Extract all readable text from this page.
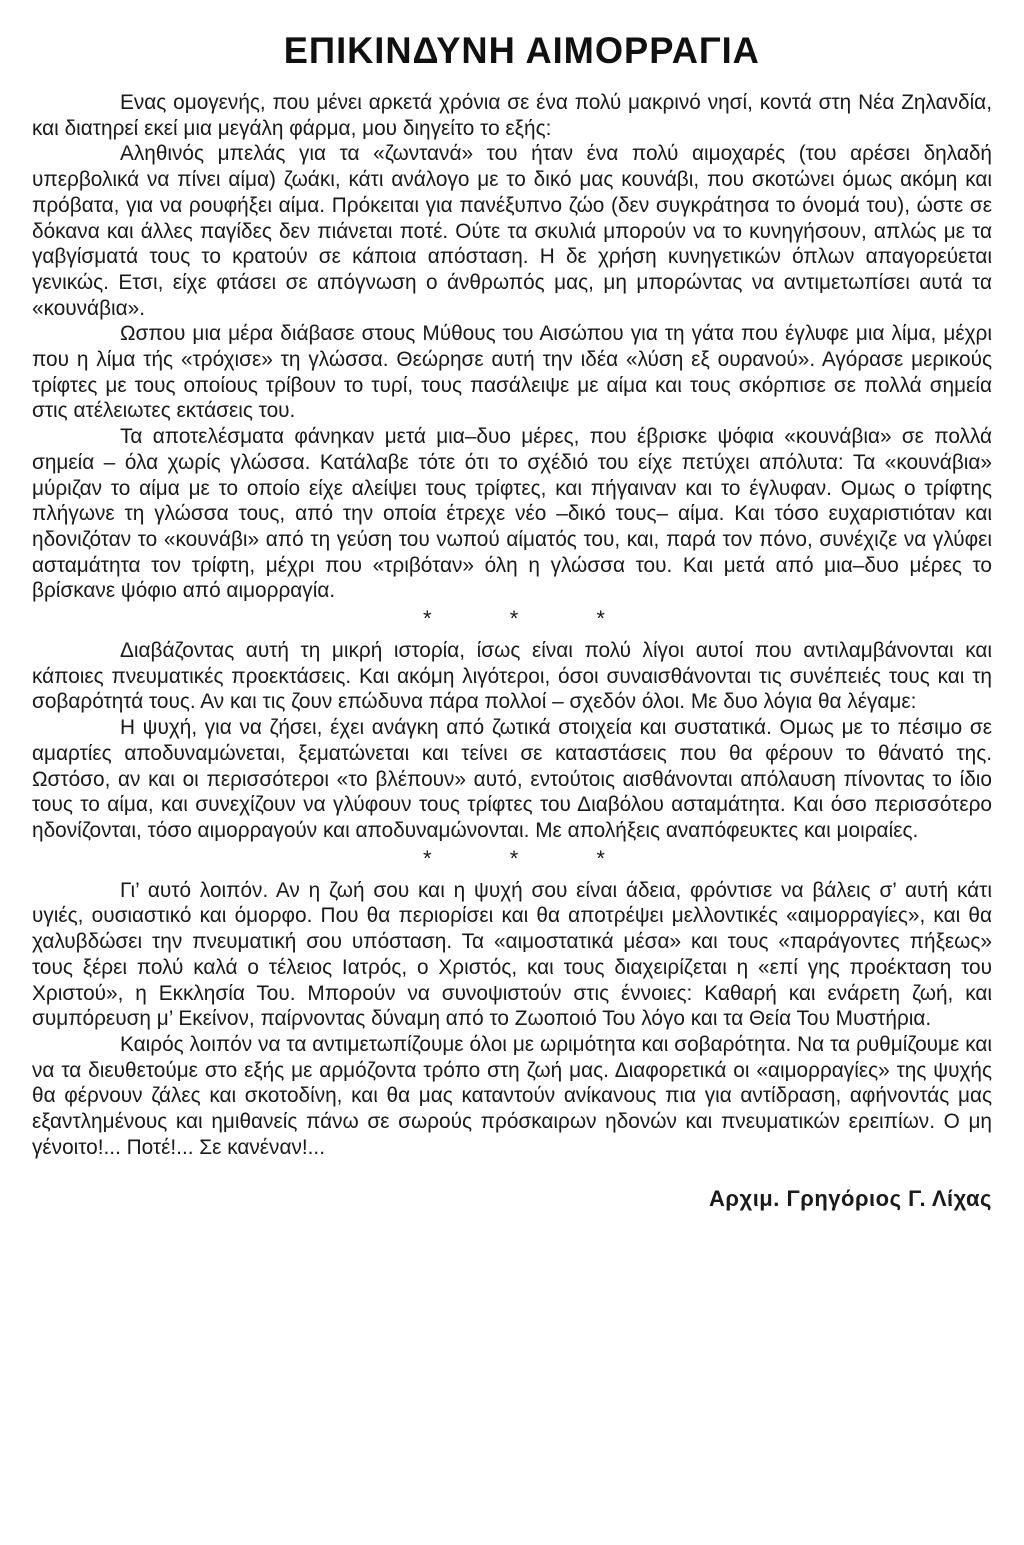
ΕΠΙΚΙΝΔΥΝΗ ΑΙΜΟΡΡΑΓΙΑ

Ενας ομογενής, που μένει αρκετά χρόνια σε ένα πολύ μακρινό νησί, κοντά στη Νέα Ζηλανδία, και διατηρεί εκεί μια μεγάλη φάρμα, μου διηγείτο το εξής:

Αληθινός μπελάς για τα «ζωντανά» του ήταν ένα πολύ αιμοχαρές (του αρέσει δηλαδή υπερβολικά να πίνει αίμα) ζωάκι, κάτι ανάλογο με το δικό μας κουνάβι, που σκοτώνει όμως ακόμη και πρόβατα, για να ρουφήξει αίμα. Πρόκειται για πανέξυπνο ζώο (δεν συγκράτησα το όνομά του), ώστε σε δόκανα και άλλες παγίδες δεν πιάνεται ποτέ. Ούτε τα σκυλιά μπορούν να το κυνηγήσουν, απλώς με τα γαβγίσματά τους το κρατούν σε κάποια απόσταση. Η δε χρήση κυνηγετικών όπλων απαγορεύεται γενικώς. Ετσι, είχε φτάσει σε απόγνωση ο άνθρωπός μας, μη μπορώντας να αντιμετωπίσει αυτά τα «κουνάβια».

Ωσπου μια μέρα διάβασε στους Μύθους του Αισώπου για τη γάτα που έγλυφε μια λίμα, μέχρι που η λίμα τής «τρόχισε» τη γλώσσα. Θεώρησε αυτή την ιδέα «λύση εξ ουρανού». Αγόρασε μερικούς τρίφτες με τους οποίους τρίβουν το τυρί, τους πασάλειψε με αίμα και τους σκόρπισε σε πολλά σημεία στις ατέλειωτες εκτάσεις του.

Τα αποτελέσματα φάνηκαν μετά μια–δυο μέρες, που έβρισκε ψόφια «κουνάβια» σε πολλά σημεία – όλα χωρίς γλώσσα. Κατάλαβε τότε ότι το σχέδιό του είχε πετύχει απόλυτα: Τα «κουνάβια» μύριζαν το αίμα με το οποίο είχε αλείψει τους τρίφτες, και πήγαιναν και το έγλυφαν. Ομως ο τρίφτης πλήγωνε τη γλώσσα τους, από την οποία έτρεχε νέο –δικό τους– αίμα. Και τόσο ευχαριστιόταν και ηδονιζόταν το «κουνάβι» από τη γεύση του νωπού αίματός του, και, παρά τον πόνο, συνέχιζε να γλύφει ασταμάτητα τον τρίφτη, μέχρι που «τριβόταν» όλη η γλώσσα του. Και μετά από μια–δυο μέρες το βρίσκανε ψόφιο από αιμορραγία.

* * *

Διαβάζοντας αυτή τη μικρή ιστορία, ίσως είναι πολύ λίγοι αυτοί που αντιλαμβάνονται και κάποιες πνευματικές προεκτάσεις. Και ακόμη λιγότεροι, όσοι συναισθάνονται τις συνέπειές τους και τη σοβαρότητά τους. Αν και τις ζουν επώδυνα πάρα πολλοί – σχεδόν όλοι. Με δυο λόγια θα λέγαμε:

Η ψυχή, για να ζήσει, έχει ανάγκη από ζωτικά στοιχεία και συστατικά. Ομως με το πέσιμο σε αμαρτίες αποδυναμώνεται, ξεματώνεται και τείνει σε καταστάσεις που θα φέρουν το θάνατό της. Ωστόσο, αν και οι περισσότεροι «το βλέπουν» αυτό, εντούτοις αισθάνονται απόλαυση πίνοντας το ίδιο τους το αίμα, και συνεχίζουν να γλύφουν τους τρίφτες του Διαβόλου ασταμάτητα. Και όσο περισσότερο ηδονίζονται, τόσο αιμορραγούν και αποδυναμώνονται. Με απολήξεις αναπόφευκτες και μοιραίες.

* * *

Γι’ αυτό λοιπόν. Αν η ζωή σου και η ψυχή σου είναι άδεια, φρόντισε να βάλεις σ’ αυτή κάτι υγιές, ουσιαστικό και όμορφο. Που θα περιορίσει και θα αποτρέψει μελλοντικές «αιμορραγίες», και θα χαλυβδώσει την πνευματική σου υπόσταση. Τα «αιμοστατικά μέσα» και τους «παράγοντες πήξεως» τους ξέρει πολύ καλά ο τέλειος Ιατρός, ο Χριστός, και τους διαχειρίζεται η «επί γης προέκταση του Χριστού», η Εκκλησία Του. Μπορούν να συνοψιστούν στις έννοιες: Καθαρή και ενάρετη ζωή, και συμπόρευση μ’ Εκείνον, παίρνοντας δύναμη από το Ζωοποιό Του λόγο και τα Θεία Του Μυστήρια.

Καιρός λοιπόν να τα αντιμετωπίζουμε όλοι με ωριμότητα και σοβαρότητα. Να τα ρυθμίζουμε και να τα διευθετούμε στο εξής με αρμόζοντα τρόπο στη ζωή μας. Διαφορετικά οι «αιμορραγίες» της ψυχής θα φέρνουν ζάλες και σκοτοδίνη, και θα μας καταντούν ανίκανους πια για αντίδραση, αφήνοντάς μας εξαντλημένους και ημιθανείς πάνω σε σωρούς πρόσκαιρων ηδονών και πνευματικών ερειπίων. Ο μη γένοιτο!... Ποτέ!... Σε κανέναν!...

Αρχιμ. Γρηγόριος Γ. Λίχας
